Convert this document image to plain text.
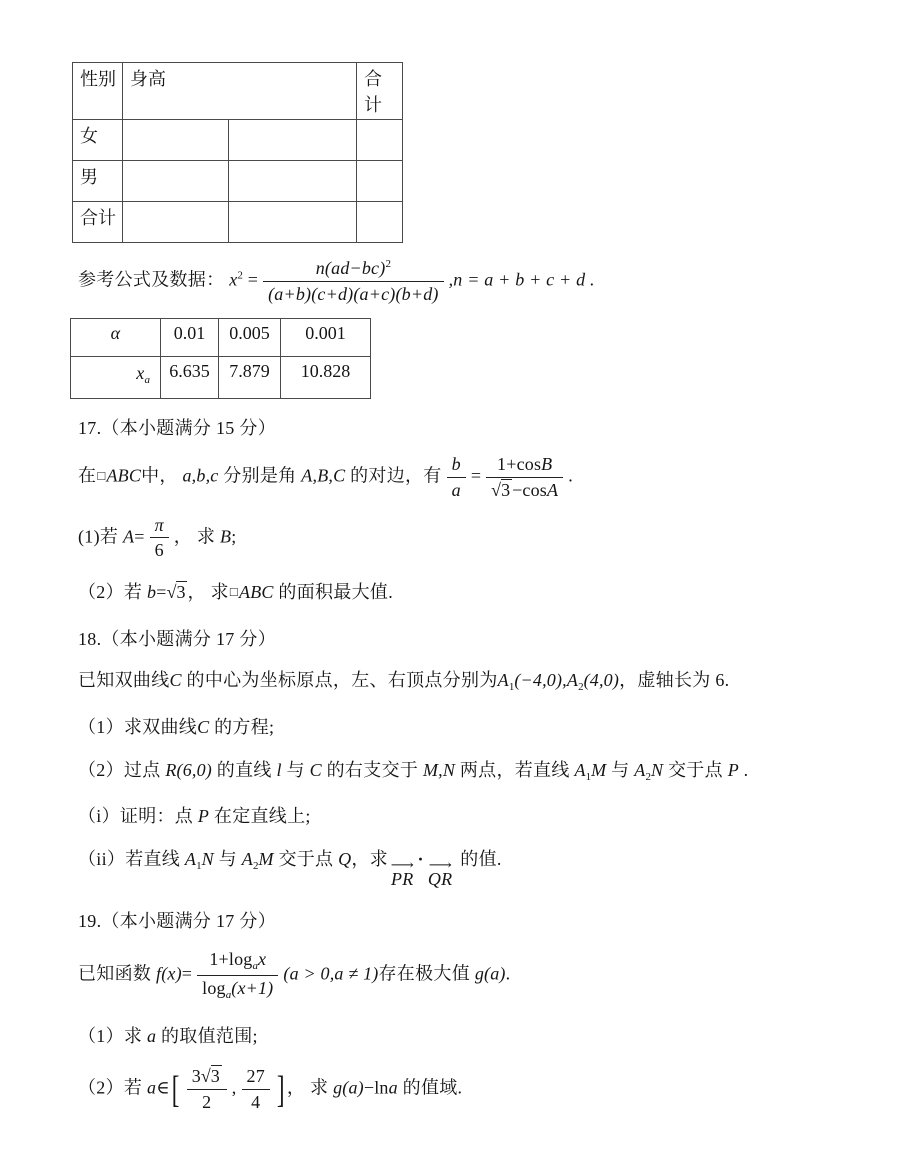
性别	身高		合计
女			
男			
合计			
参考公式及数据： $x^2 = \frac{n(ad-bc)^2}{(a+b)(c+d)(a+c)(b+d)} ,n = a + b + c + d$ .
α	0.01	0.005	0.001
$x_a$	6.635	7.879	10.828
17.（本小题满分 15 分）
在□ABC中， a,b,c 分别是角 A,B,C 的对边，有 $\frac{b}{a} = \frac{1+\cos B}{√3 -\cos A}$ .
(1)若 $A= \frac{\pi}{6}$ ， 求 B;
（2）若 b=√3 ， 求□ABC 的面积最大值.
18.（本小题满分 17 分）
已知双曲线C 的中心为坐标原点，左、右顶点分别为$A_1(-4,0),A_2(4,0)$，虚轴长为 6.
（1）求双曲线C 的方程;
（2）过点 R(6,0) 的直线 l 与 C 的右支交于 M,N 两点，若直线 $A_1M$ 与 $A_2N$ 交于点 P .
（i）证明：点 P 在定直线上;
（ii）若直线 $A_1N$ 与 $A_2M$ 交于点 Q，求 ⟶
PR
· ⟶
QR
的值.
19.（本小题满分 17 分）
已知函数 $f(x)= \frac{1+\log_ax}{\log_a(x+1)} (a > 0,a \ne 1)$存在极大值 g(a).
（1）求 a 的取值范围;
（2）若 a∈[ $\frac{3√3}{2}$ , $\frac{27}{4}$ ] ， 求 g(a)−lna 的值域.
